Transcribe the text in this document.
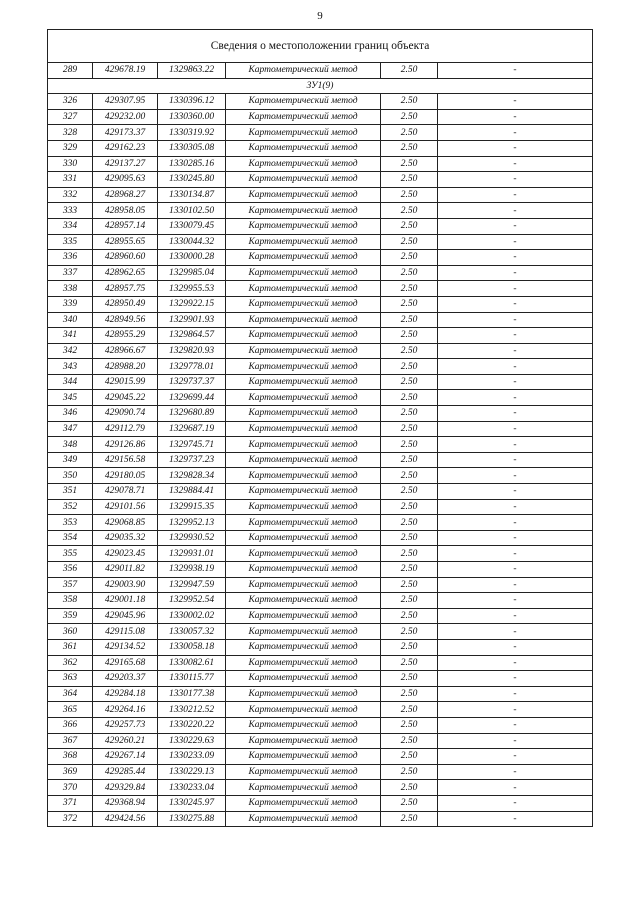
9
Сведения о местоположении границ объекта					
289	429678.19	1329863.22	Картометрический метод	2.50	-
ЗУ1(9)					
326	429307.95	1330396.12	Картометрический метод	2.50	-
327	429232.00	1330360.00	Картометрический метод	2.50	-
328	429173.37	1330319.92	Картометрический метод	2.50	-
329	429162.23	1330305.08	Картометрический метод	2.50	-
330	429137.27	1330285.16	Картометрический метод	2.50	-
331	429095.63	1330245.80	Картометрический метод	2.50	-
332	428968.27	1330134.87	Картометрический метод	2.50	-
333	428958.05	1330102.50	Картометрический метод	2.50	-
334	428957.14	1330079.45	Картометрический метод	2.50	-
335	428955.65	1330044.32	Картометрический метод	2.50	-
336	428960.60	1330000.28	Картометрический метод	2.50	-
337	428962.65	1329985.04	Картометрический метод	2.50	-
338	428957.75	1329955.53	Картометрический метод	2.50	-
339	428950.49	1329922.15	Картометрический метод	2.50	-
340	428949.56	1329901.93	Картометрический метод	2.50	-
341	428955.29	1329864.57	Картометрический метод	2.50	-
342	428966.67	1329820.93	Картометрический метод	2.50	-
343	428988.20	1329778.01	Картометрический метод	2.50	-
344	429015.99	1329737.37	Картометрический метод	2.50	-
345	429045.22	1329699.44	Картометрический метод	2.50	-
346	429090.74	1329680.89	Картометрический метод	2.50	-
347	429112.79	1329687.19	Картометрический метод	2.50	-
348	429126.86	1329745.71	Картометрический метод	2.50	-
349	429156.58	1329737.23	Картометрический метод	2.50	-
350	429180.05	1329828.34	Картометрический метод	2.50	-
351	429078.71	1329884.41	Картометрический метод	2.50	-
352	429101.56	1329915.35	Картометрический метод	2.50	-
353	429068.85	1329952.13	Картометрический метод	2.50	-
354	429035.32	1329930.52	Картометрический метод	2.50	-
355	429023.45	1329931.01	Картометрический метод	2.50	-
356	429011.82	1329938.19	Картометрический метод	2.50	-
357	429003.90	1329947.59	Картометрический метод	2.50	-
358	429001.18	1329952.54	Картометрический метод	2.50	-
359	429045.96	1330002.02	Картометрический метод	2.50	-
360	429115.08	1330057.32	Картометрический метод	2.50	-
361	429134.52	1330058.18	Картометрический метод	2.50	-
362	429165.68	1330082.61	Картометрический метод	2.50	-
363	429203.37	1330115.77	Картометрический метод	2.50	-
364	429284.18	1330177.38	Картометрический метод	2.50	-
365	429264.16	1330212.52	Картометрический метод	2.50	-
366	429257.73	1330220.22	Картометрический метод	2.50	-
367	429260.21	1330229.63	Картометрический метод	2.50	-
368	429267.14	1330233.09	Картометрический метод	2.50	-
369	429285.44	1330229.13	Картометрический метод	2.50	-
370	429329.84	1330233.04	Картометрический метод	2.50	-
371	429368.94	1330245.97	Картометрический метод	2.50	-
372	429424.56	1330275.88	Картометрический метод	2.50	-
